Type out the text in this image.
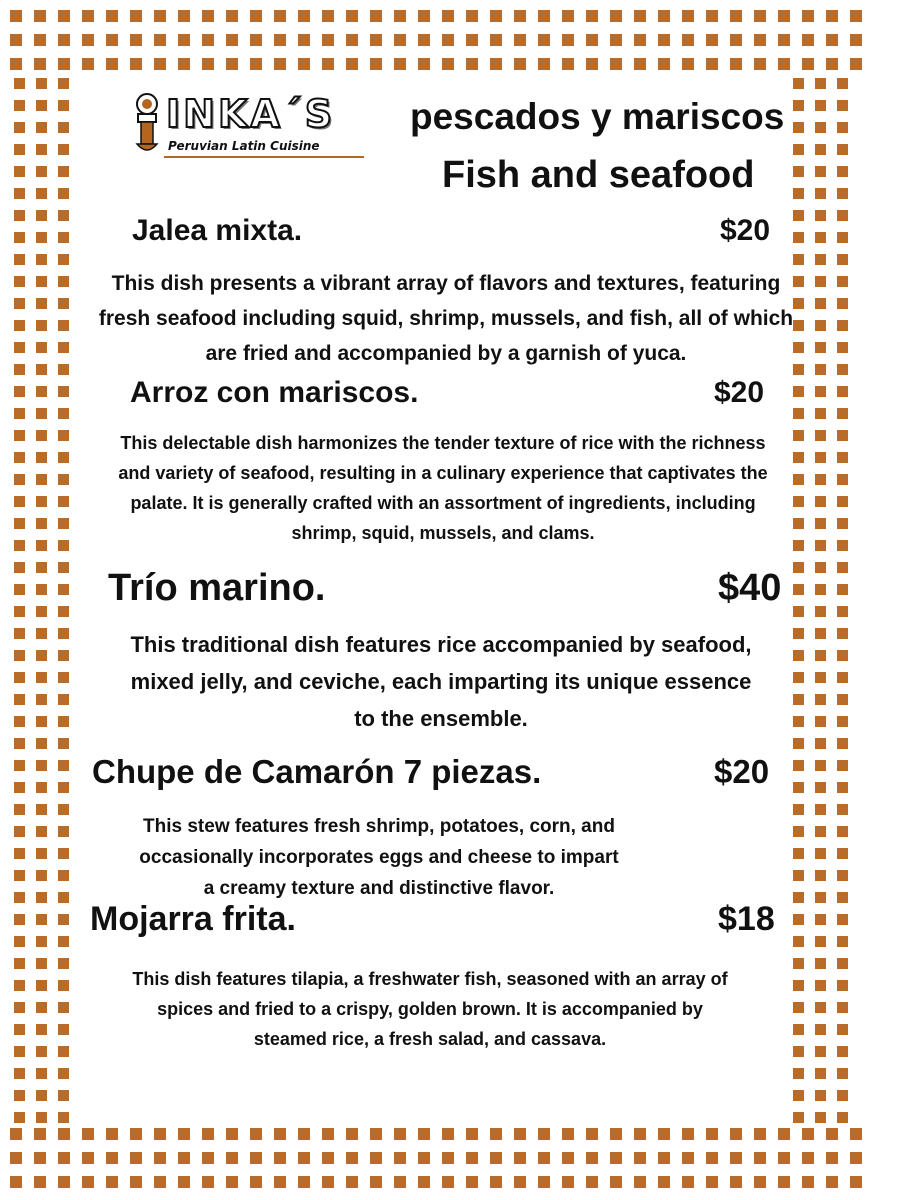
INKA´S
Peruvian Latin Cuisine
pescados y mariscos
Fish and seafood
Jalea mixta.	$20
This dish presents a vibrant array of flavors and textures, featuring fresh seafood including squid, shrimp, mussels, and fish, all of which are fried and accompanied by a garnish of yuca.
Arroz con mariscos.	$20
This delectable dish harmonizes the tender texture of rice with the richness and variety of seafood, resulting in a culinary experience that captivates the palate. It is generally crafted with an assortment of ingredients, including shrimp, squid, mussels, and clams.
Trío marino.	$40
This traditional dish features rice accompanied by seafood, mixed jelly, and ceviche, each imparting its unique essence to the ensemble.
Chupe de Camarón 7 piezas.	$20
This stew features fresh shrimp, potatoes, corn, and occasionally incorporates eggs and cheese to impart a creamy texture and distinctive flavor.
Mojarra frita.	$18
This dish features tilapia, a freshwater fish, seasoned with an array of spices and fried to a crispy, golden brown. It is accompanied by steamed rice, a fresh salad, and cassava.
